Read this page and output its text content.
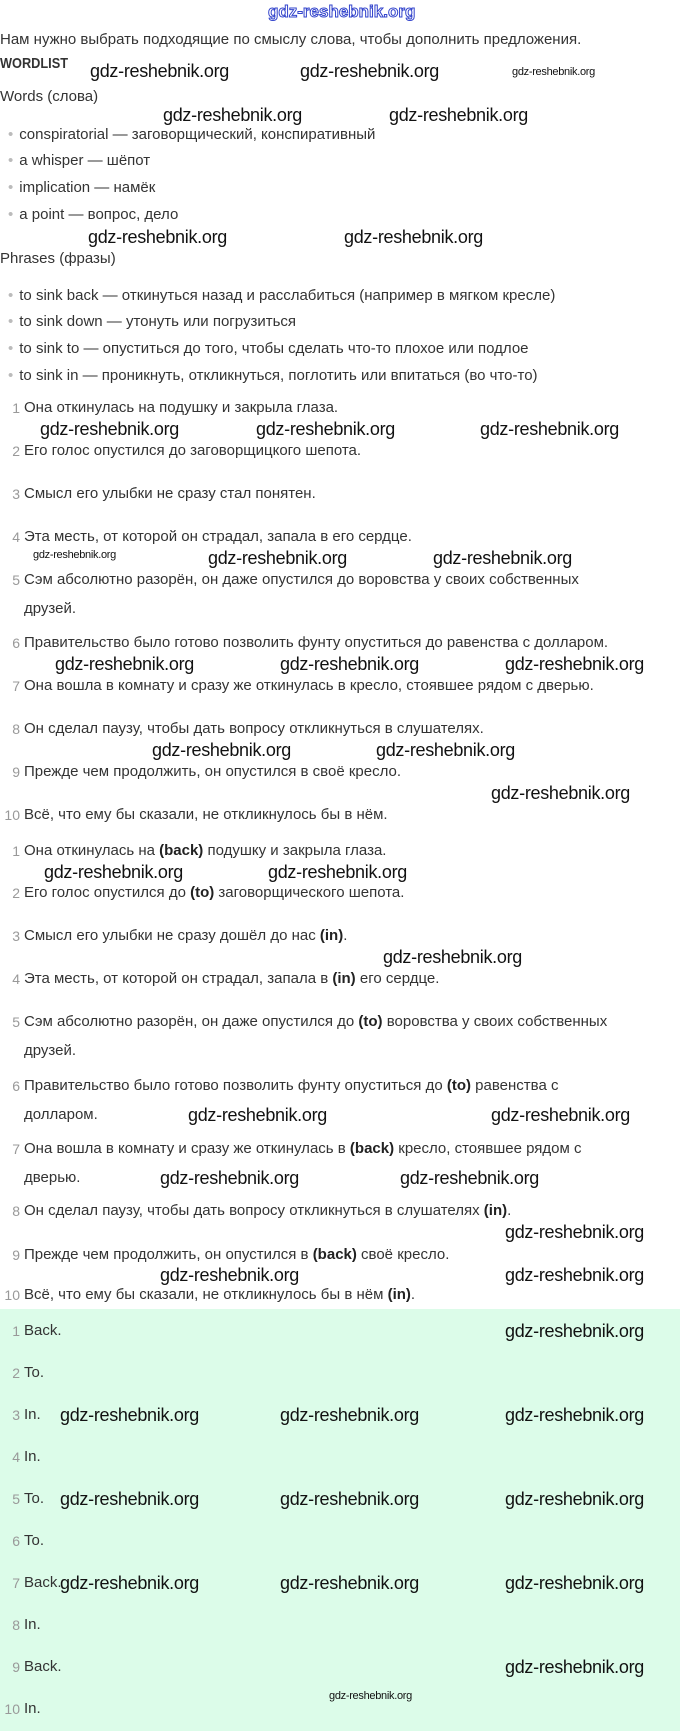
gdz-reshebnik.org
Нам нужно выбрать подходящие по смыслу слова, чтобы дополнить предложения.
WORDLIST
Words (слова)
Phrases (фразы)
• conspiratorial — заговорщический, конспиративный
• a whisper — шёпот
• implication — намёк
• a point — вопрос, дело
• to sink back — откинуться назад и расслабиться (например в мягком кресле)
• to sink down — утонуть или погрузиться
• to sink to — опуститься до того, чтобы сделать что-то плохое или подлое
• to sink in — проникнуть, откликнуться, поглотить или впитаться (во что-то)
1 Она откинулась на подушку и закрыла глаза.
2 Его голос опустился до заговорщицкого шепота.
3 Смысл его улыбки не сразу стал понятен.
4 Эта месть, от которой он страдал, запала в его сердце.
5 Сэм абсолютно разорён, он даже опустился до воровства у своих собственных
друзей.
6 Правительство было готово позволить фунту опуститься до равенства с долларом.
7 Она вошла в комнату и сразу же откинулась в кресло, стоявшее рядом с дверью.
8 Он сделал паузу, чтобы дать вопросу откликнуться в слушателях.
9 Прежде чем продолжить, он опустился в своё кресло.
10 Всё, что ему бы сказали, не откликнулось бы в нём.
1 Она откинулась на (back) подушку и закрыла глаза.
2 Его голос опустился до (to) заговорщического шепота.
3 Смысл его улыбки не сразу дошёл до нас (in).
4 Эта месть, от которой он страдал, запала в (in) его сердце.
5 Сэм абсолютно разорён, он даже опустился до (to) воровства у своих собственных
друзей.
6 Правительство было готово позволить фунту опуститься до (to) равенства с
долларом.
7 Она вошла в комнату и сразу же откинулась в (back) кресло, стоявшее рядом с
дверью.
8 Он сделал паузу, чтобы дать вопросу откликнуться в слушателях (in).
9 Прежде чем продолжить, он опустился в (back) своё кресло.
10 Всё, что ему бы сказали, не откликнулось бы в нём (in).
1 Back.
2 To.
3 In.
4 In.
5 To.
6 To.
7 Back.
8 In.
9 Back.
10 In.
gdz-reshebnik.org	gdz-reshebnik.org	gdz-reshebnik.org
gdz-reshebnik.org	gdz-reshebnik.org
gdz-reshebnik.org	gdz-reshebnik.org
gdz-reshebnik.org	gdz-reshebnik.org	gdz-reshebnik.org
gdz-reshebnik.org	gdz-reshebnik.org	gdz-reshebnik.org
gdz-reshebnik.org	gdz-reshebnik.org	gdz-reshebnik.org
gdz-reshebnik.org	gdz-reshebnik.org
gdz-reshebnik.org
gdz-reshebnik.org	gdz-reshebnik.org
gdz-reshebnik.org
gdz-reshebnik.org	gdz-reshebnik.org
gdz-reshebnik.org	gdz-reshebnik.org
gdz-reshebnik.org
gdz-reshebnik.org	gdz-reshebnik.org
gdz-reshebnik.org
gdz-reshebnik.org	gdz-reshebnik.org	gdz-reshebnik.org
gdz-reshebnik.org	gdz-reshebnik.org	gdz-reshebnik.org
gdz-reshebnik.org	gdz-reshebnik.org	gdz-reshebnik.org
gdz-reshebnik.org
gdz-reshebnik.org
